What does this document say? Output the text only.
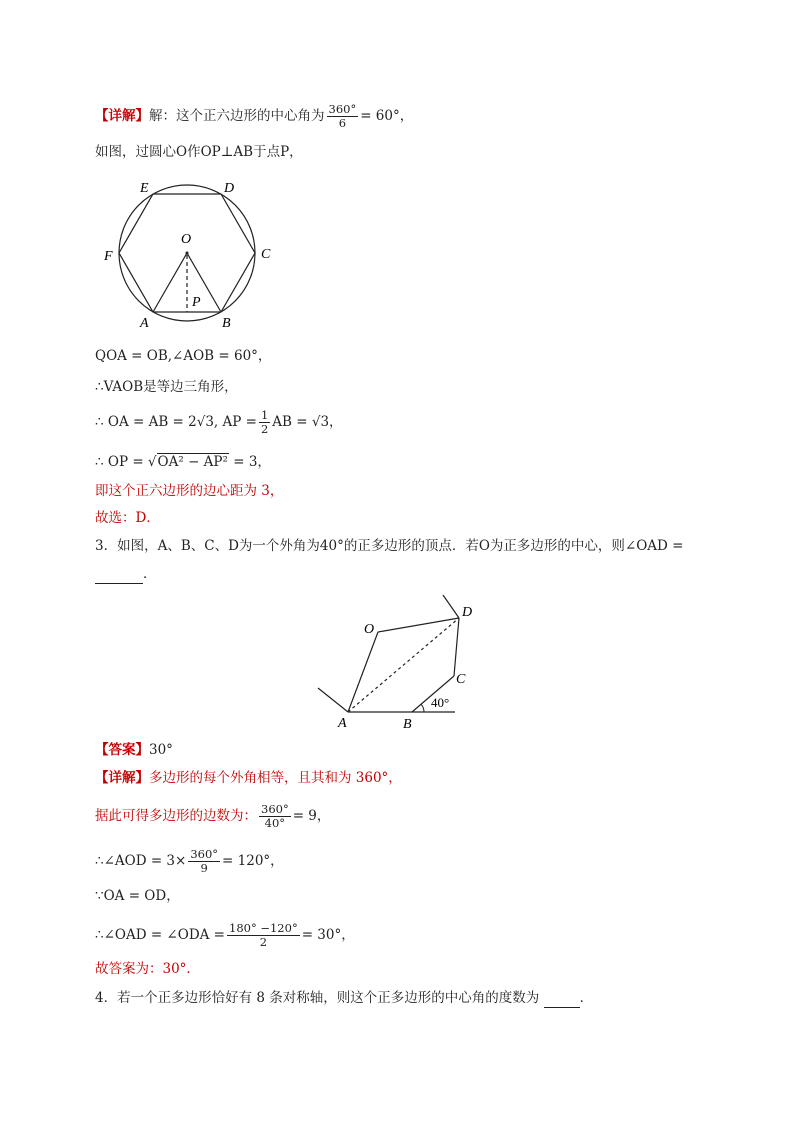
【详解】解：这个正六边形的中心角为 $\frac{360^\circ}{6} = 60^\circ$，
如图，过圆心O作OP⊥AB于点P，
E	D
F	C
O
P
A	B
QOA = OB,∠AOB = 60°，
∴VAOB是等边三角形，
∴ OA = AB = 2√3, AP = $\frac{1}{2}$ AB = √3，
∴ OP = √OA² − AP² = 3，
即这个正六边形的边心距为 3，
故选：D．
3．如图，A、B、C、D为一个外角为40°的正多边形的顶点．若O为正多边形的中心，则∠OAD =
．
O
D
C
A	B
40°
【答案】30°
【详解】多边形的每个外角相等，且其和为 360°，
据此可得多边形的边数为： $\frac{360^\circ}{40^\circ} = 9$，
∴∠AOD = $3\times \frac{360^\circ}{9} = 120^\circ$，
∵OA = OD，
∴∠OAD = ∠ODA = $\frac{180^\circ -120^\circ}{2} = 30^\circ$，
故答案为：30°．
4．若一个正多边形恰好有 8 条对称轴，则这个正多边形的中心角的度数为	．
